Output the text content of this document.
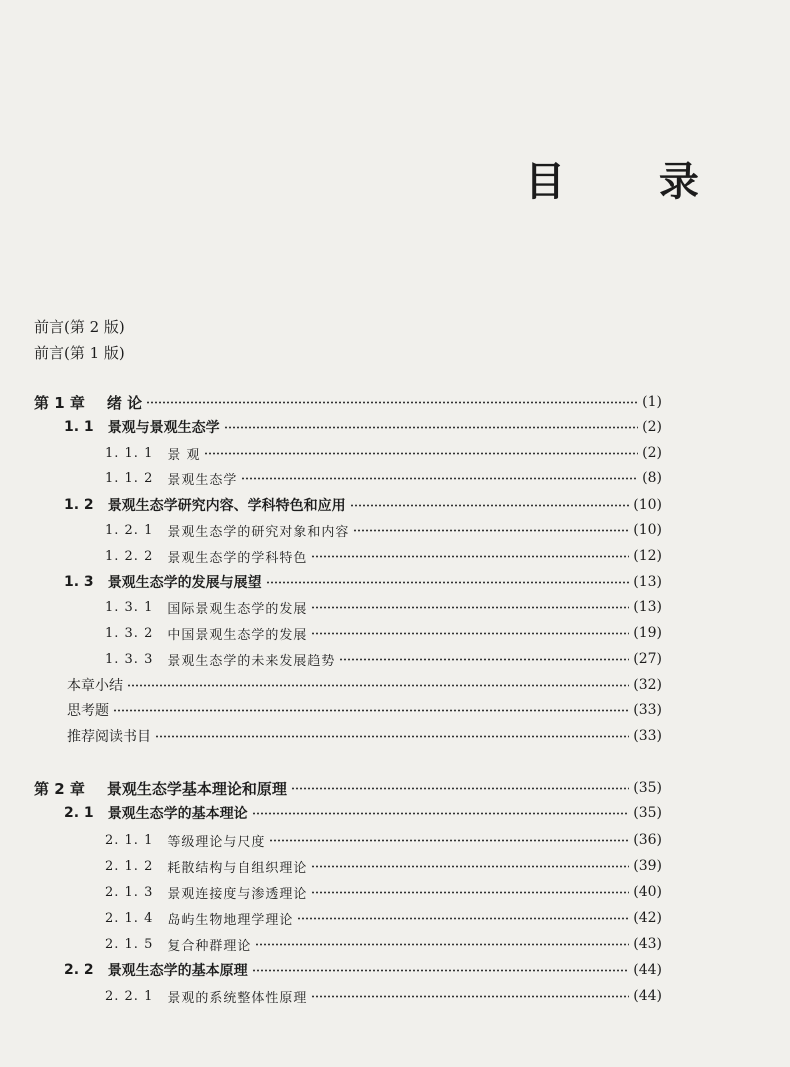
目 录
前言(第 2 版)
前言(第 1 版)
第 1 章 绪 论	(1)
1. 1 景观与景观生态学	(2)
1. 1. 1 景 观	(2)
1. 1. 2 景观生态学	(8)
1. 2 景观生态学研究内容、学科特色和应用	(10)
1. 2. 1 景观生态学的研究对象和内容	(10)
1. 2. 2 景观生态学的学科特色	(12)
1. 3 景观生态学的发展与展望	(13)
1. 3. 1 国际景观生态学的发展	(13)
1. 3. 2 中国景观生态学的发展	(19)
1. 3. 3 景观生态学的未来发展趋势	(27)
本章小结	(32)
思考题	(33)
推荐阅读书目	(33)
第 2 章 景观生态学基本理论和原理	(35)
2. 1 景观生态学的基本理论	(35)
2. 1. 1 等级理论与尺度	(36)
2. 1. 2 耗散结构与自组织理论	(39)
2. 1. 3 景观连接度与渗透理论	(40)
2. 1. 4 岛屿生物地理学理论	(42)
2. 1. 5 复合种群理论	(43)
2. 2 景观生态学的基本原理	(44)
2. 2. 1 景观的系统整体性原理	(44)
